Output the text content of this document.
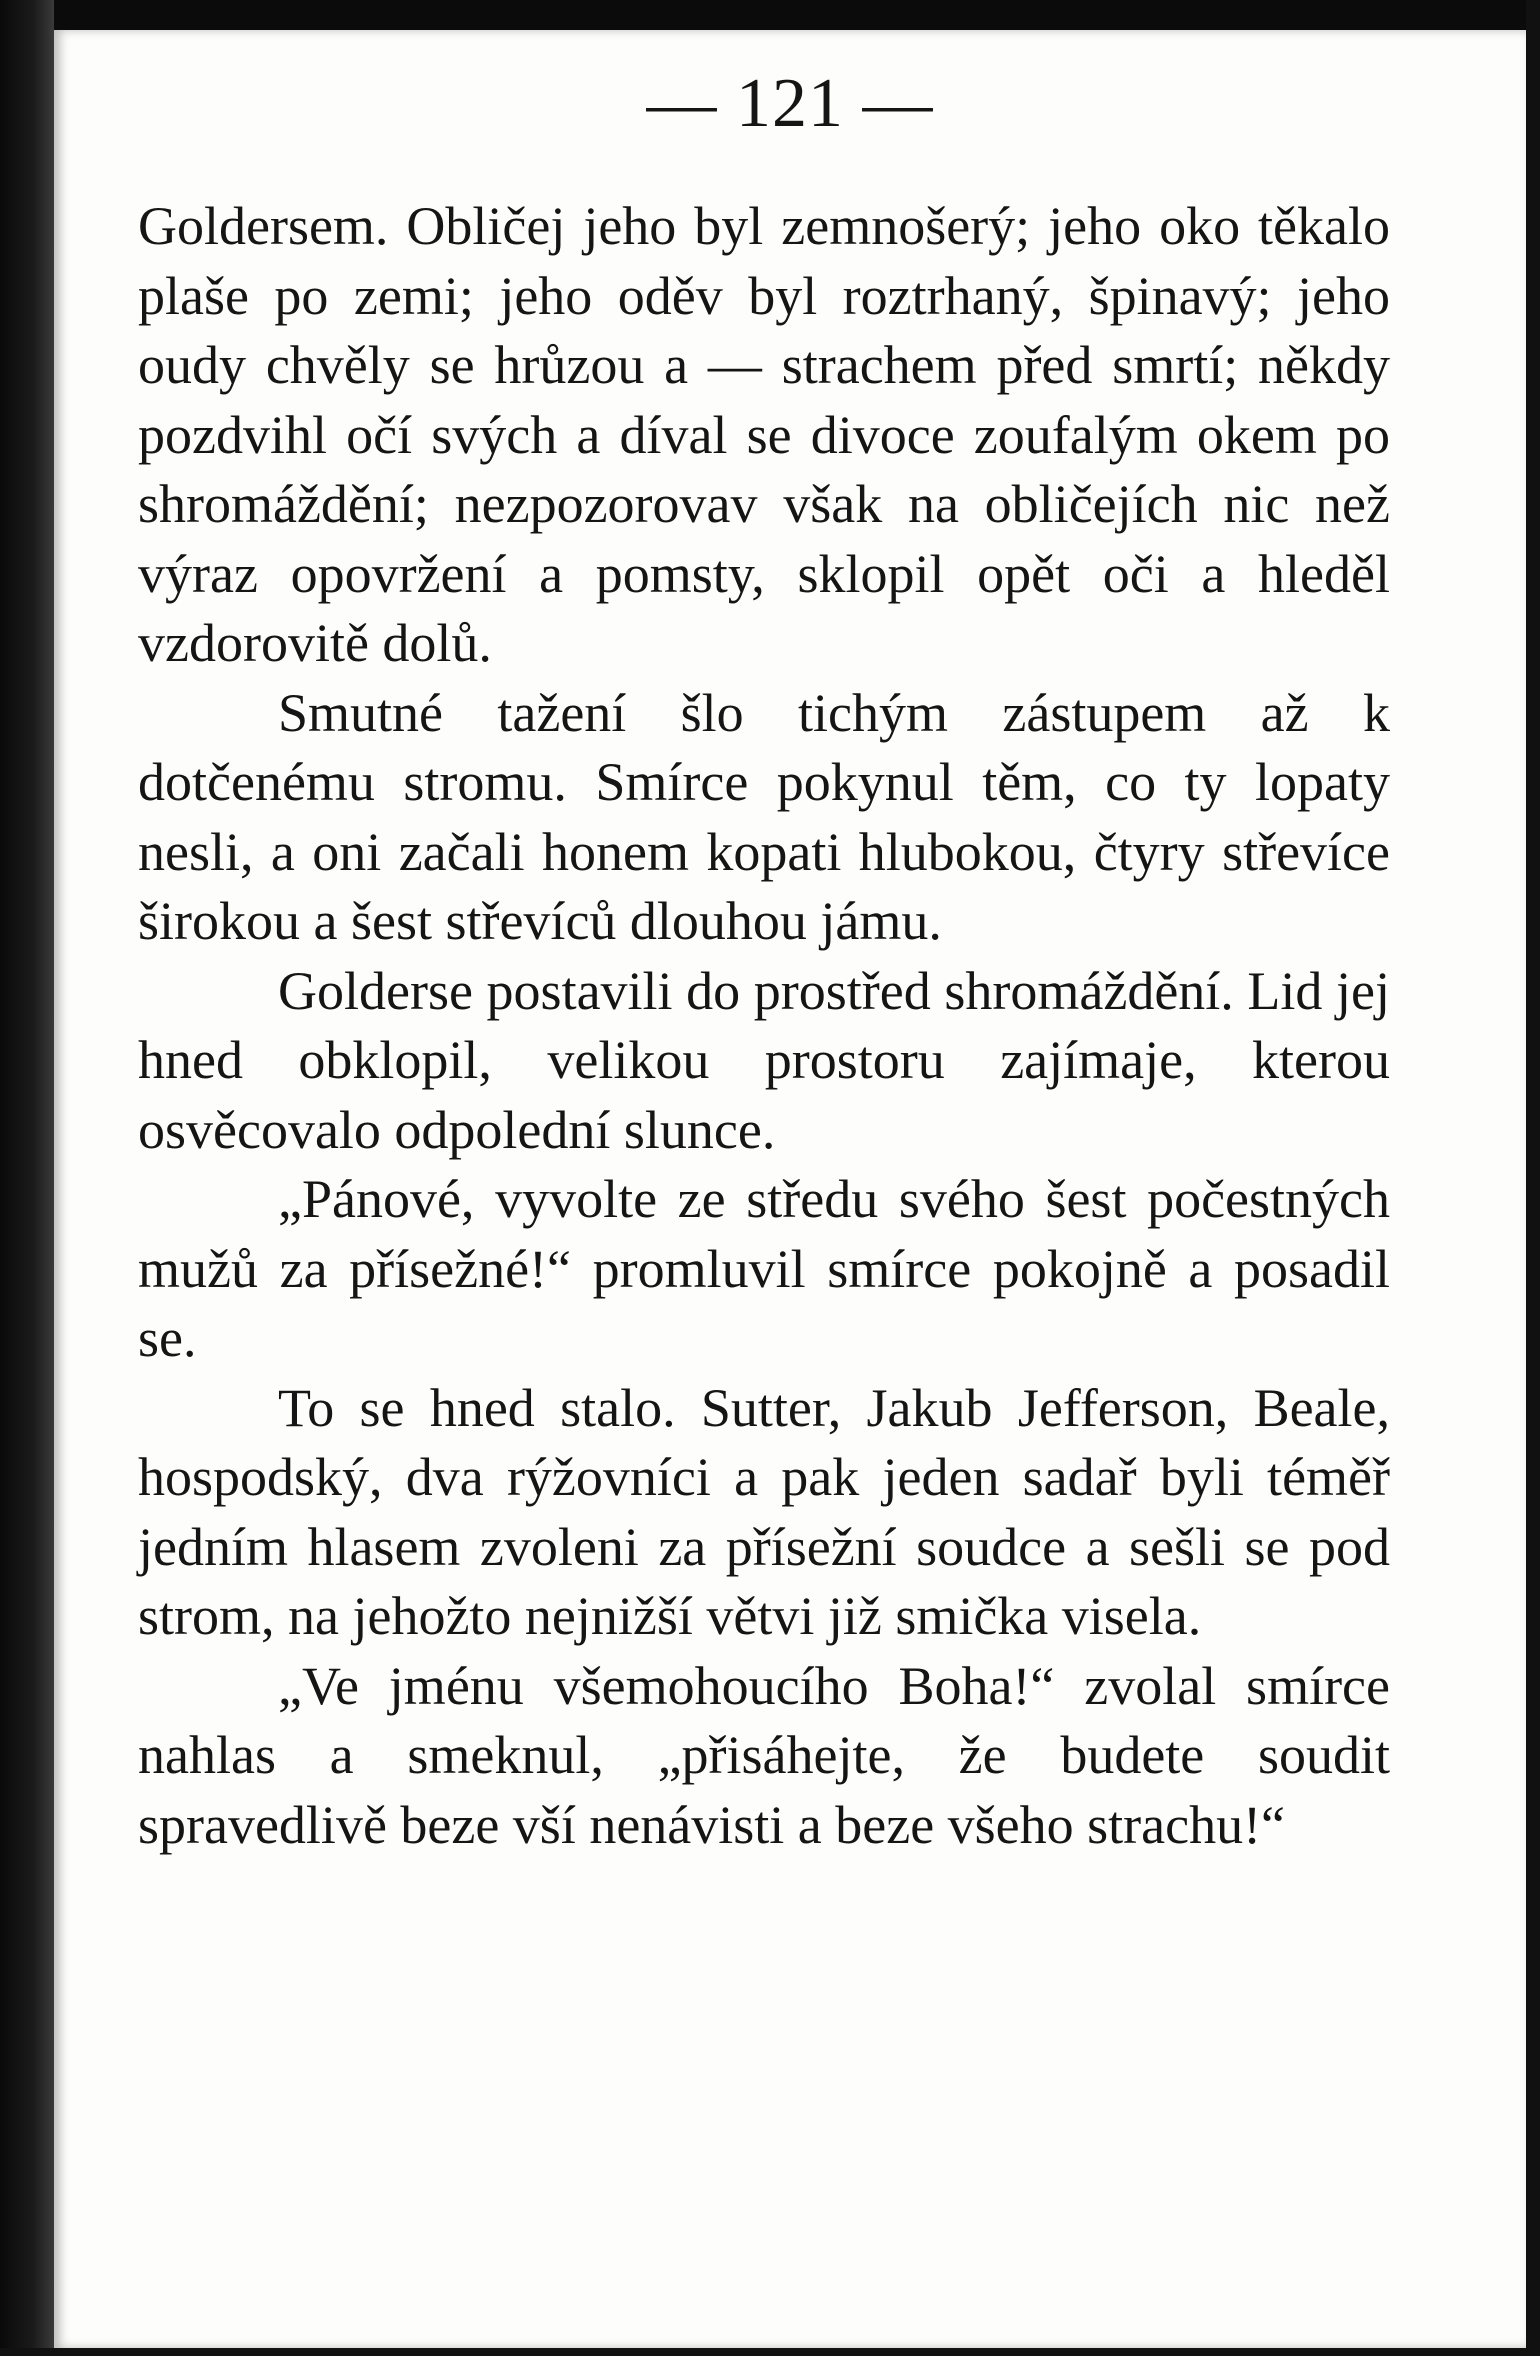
— 121 —

Goldersem. Obličej jeho byl zemnošerý; jeho oko těkalo plaše po zemi; jeho oděv byl roztrhaný, špinavý; jeho oudy chvěly se hrůzou a — strachem před smrtí; někdy pozdvihl očí svých a díval se divoce zoufalým okem po shromáždění; nezpozorovav však na obličejích nic než výraz opovržení a pomsty, sklopil opět oči a hleděl vzdorovitě dolů.

Smutné tažení šlo tichým zástupem až k dotčenému stromu. Smírce pokynul těm, co ty lopaty nesli, a oni začali honem kopati hlubokou, čtyry střevíce širokou a šest střevíců dlouhou jámu.

Golderse postavili do prostřed shromáždění. Lid jej hned obklopil, velikou prostoru zajímaje, kterou osvěcovalo odpolední slunce.

„Pánové, vyvolte ze středu svého šest počestných mužů za přísežné!“ promluvil smírce pokojně a posadil se.

To se hned stalo. Sutter, Jakub Jefferson, Beale, hospodský, dva rýžovníci a pak jeden sadař byli téměř jedním hlasem zvoleni za přísežní soudce a sešli se pod strom, na jehožto nejnižší větvi již smička visela.

„Ve jménu všemohoucího Boha!“ zvolal smírce nahlas a smeknul, „přisáhejte, že budete soudit spravedlivě beze vší nenávisti a beze všeho strachu!“
